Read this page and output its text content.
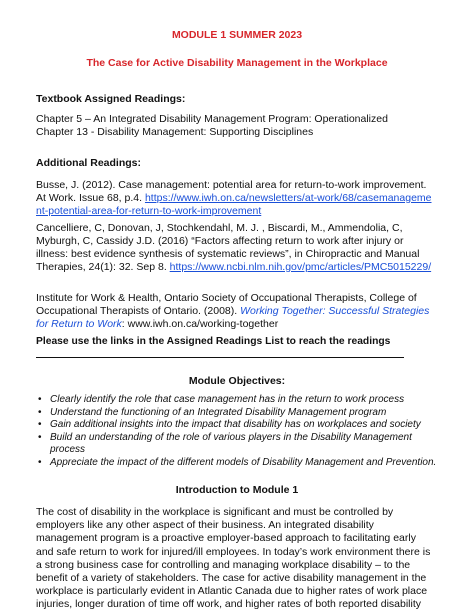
MODULE 1 SUMMER 2023
The Case for Active Disability Management in the Workplace
Textbook Assigned Readings:
Chapter 5 – An Integrated Disability Management Program: Operationalized
Chapter 13 - Disability Management: Supporting Disciplines
Additional Readings:
Busse, J. (2012). Case management: potential area for return-to-work improvement. At Work. Issue 68, p.4. https://www.iwh.on.ca/newsletters/at-work/68/casemanagement-potential-area-for-return-to-work-improvement
Cancelliere, C, Donovan, J, Stochkendahl, M. J. , Biscardi, M., Ammendolia, C, Myburgh, C, Cassidy J.D. (2016) “Factors affecting return to work after injury or illness: best evidence synthesis of systematic reviews”, in Chiropractic and Manual Therapies, 24(1): 32. Sep 8. https://www.ncbi.nlm.nih.gov/pmc/articles/PMC5015229/
Institute for Work & Health, Ontario Society of Occupational Therapists, College of Occupational Therapists of Ontario. (2008). Working Together: Successful Strategies for Return to Work: www.iwh.on.ca/working-together
Please use the links in the Assigned Readings List to reach the readings
Module Objectives:
• Clearly identify the role that case management has in the return to work process
• Understand the functioning of an Integrated Disability Management program
• Gain additional insights into the impact that disability has on workplaces and society
• Build an understanding of the role of various players in the Disability Management process
• Appreciate the impact of the different models of Disability Management and Prevention.
Introduction to Module 1
The cost of disability in the workplace is significant and must be controlled by employers like any other aspect of their business. An integrated disability management program is a proactive employer-based approach to facilitating early and safe return to work for injured/ill employees. In today’s work environment there is a strong business case for controlling and managing workplace disability – to the benefit of a variety of stakeholders. The case for active disability management in the workplace is particularly evident in Atlantic Canada due to higher rates of work place injuries, longer duration of time off work, and higher rates of both reported disability
